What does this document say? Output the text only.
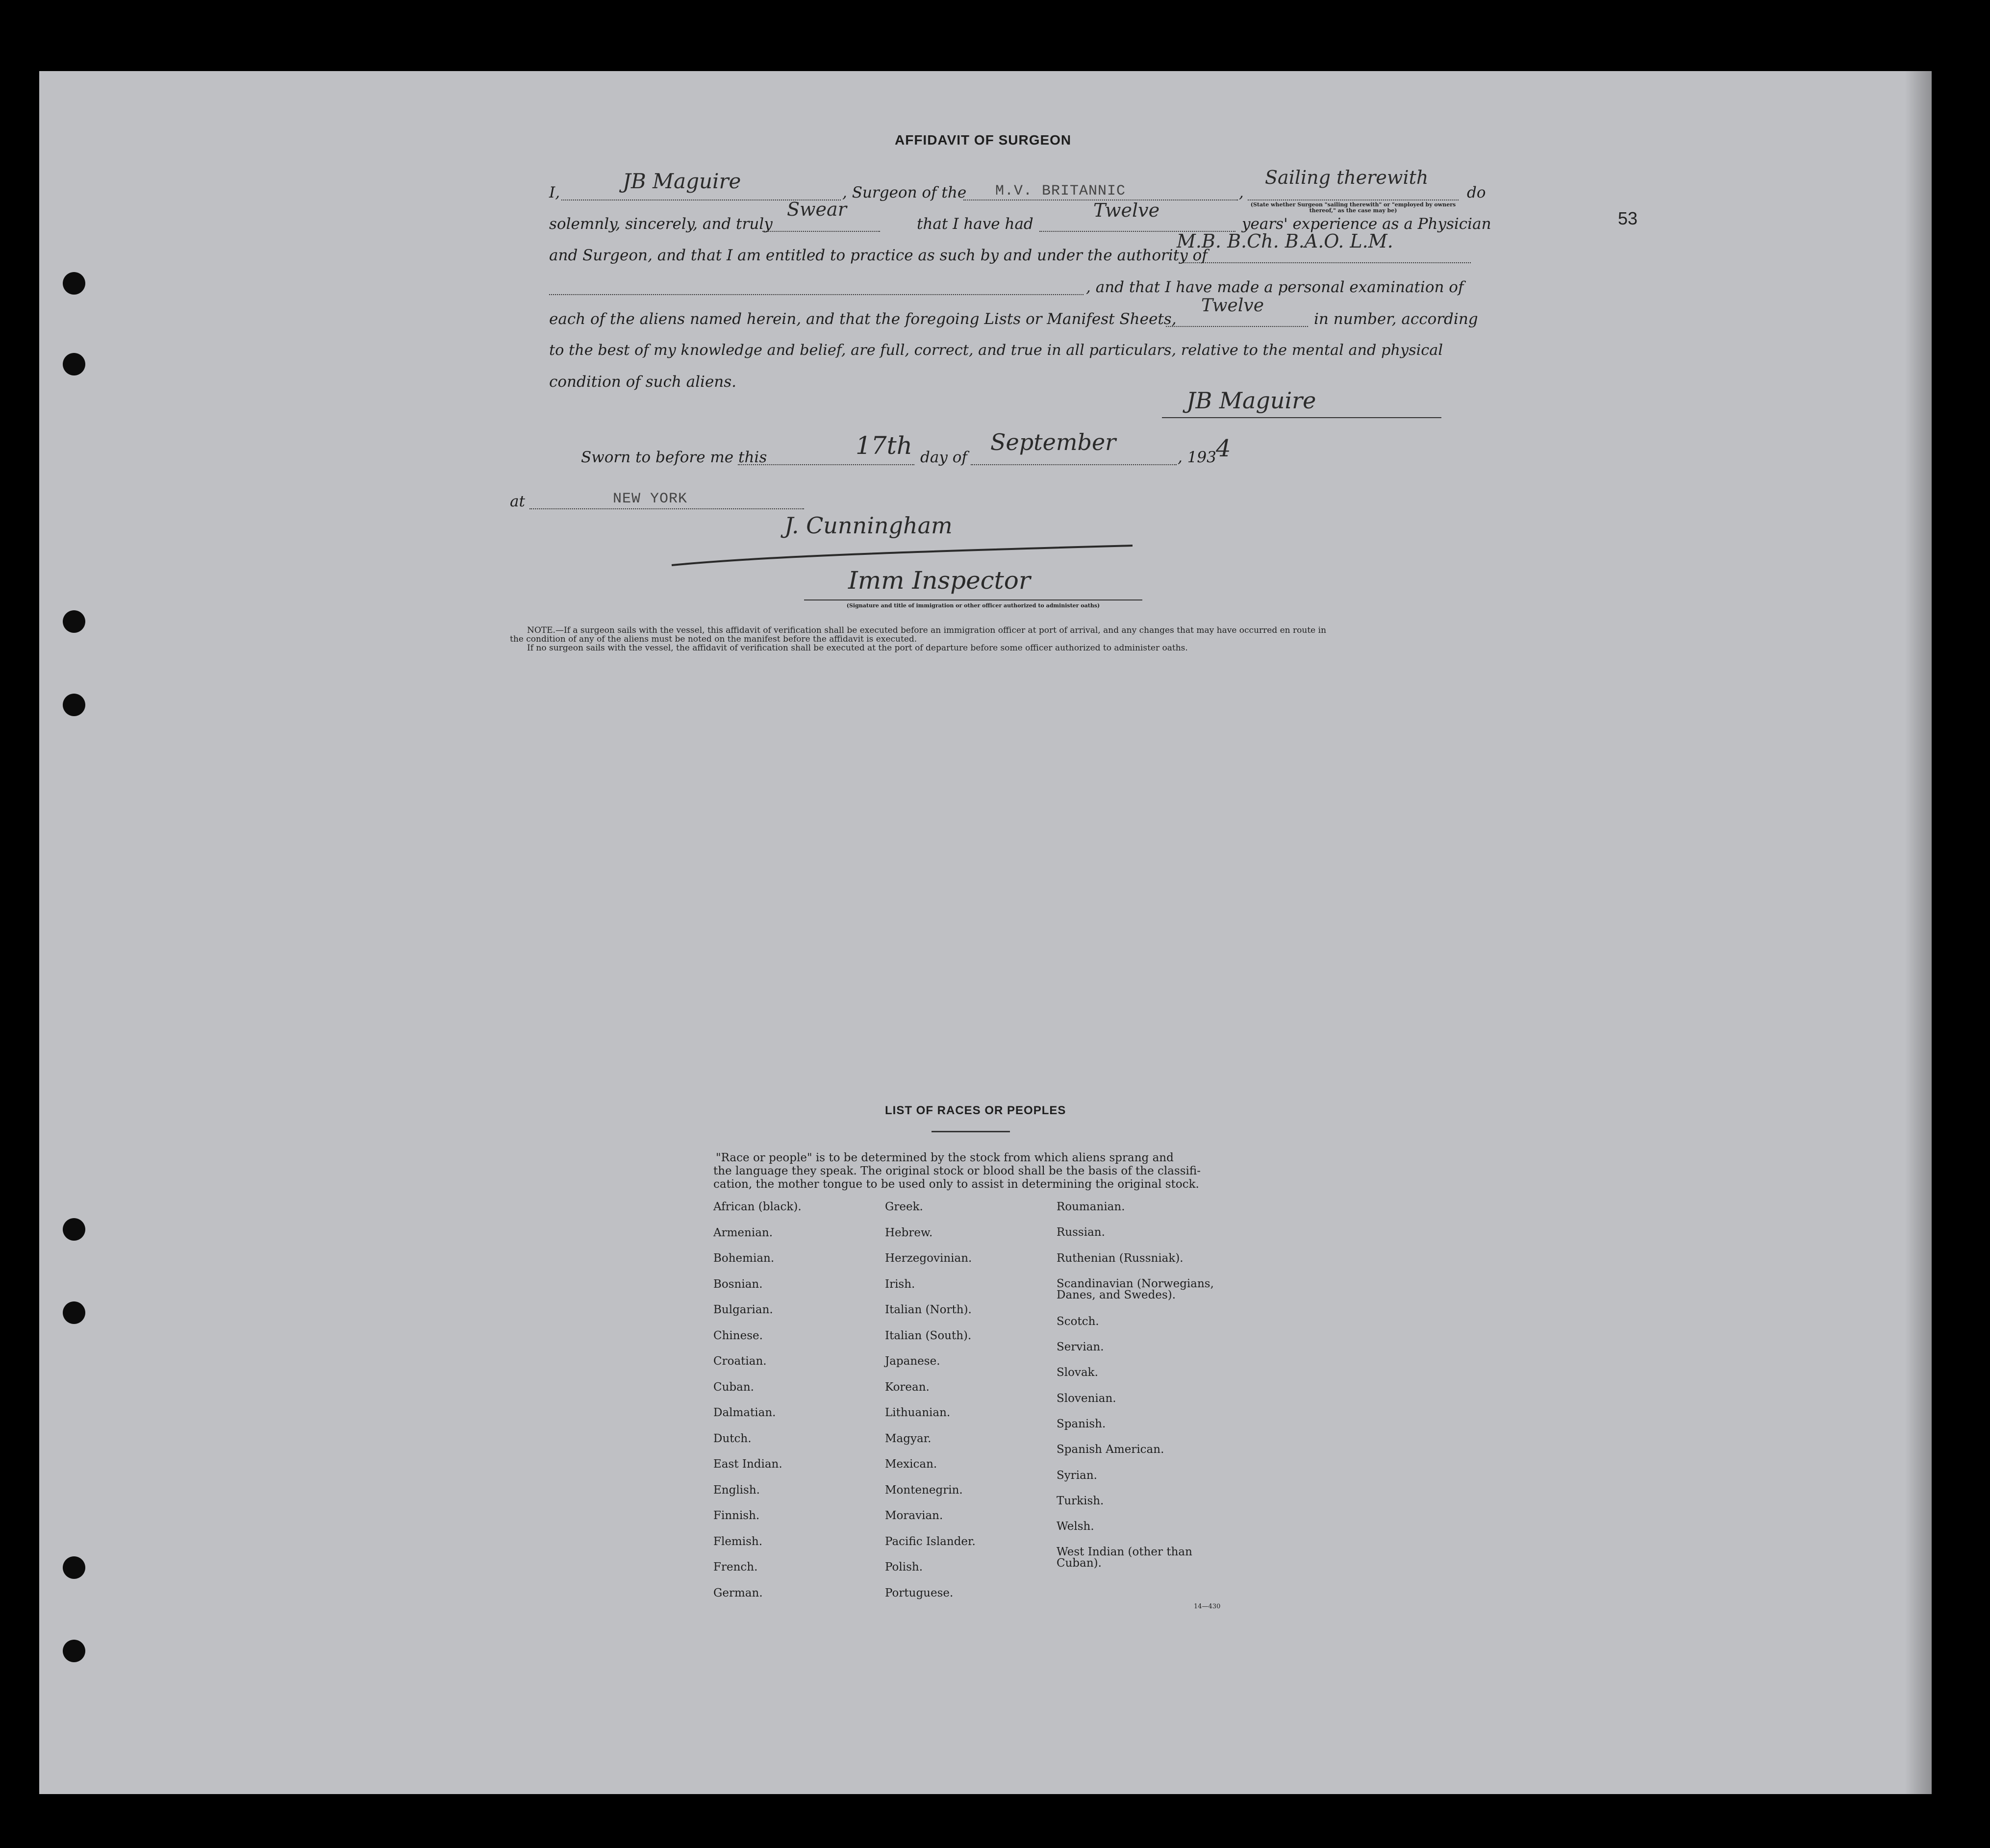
53
AFFIDAVIT OF SURGEON
I,	JB Maguire	, Surgeon of the M.V. BRITANNIC	,
Sailing therewith
(State whether Surgeon "sailing therewith" or "employed by owners thereof," as the case may be)
do
solemnly, sincerely, and truly
Swear
that I have had
Twelve
years' experience as a Physician
and Surgeon, and that I am entitled to practice as such by and under the authority of
M.B. B.Ch. B.A.O. L.M.
, and that I have made a personal examination of
each of the aliens named herein, and that the foregoing Lists or Manifest Sheets,
Twelve
in number, according
to the best of my knowledge and belief, are full, correct, and true in all particulars, relative to the mental and physical
condition of such aliens.
JB Maguire
Sworn to before me this	17th day of
September
, 193 4
at	NEW YORK
J. Cunningham
Imm Inspector
(Signature and title of immigration or other officer authorized to administer oaths)
NOTE.—If a surgeon sails with the vessel, this affidavit of verification shall be executed before an immigration officer at port of arrival, and any changes that may have occurred en route in
the condition of any of the aliens must be noted on the manifest before the affidavit is executed.
If no surgeon sails with the vessel, the affidavit of verification shall be executed at the port of departure before some officer authorized to administer oaths.
LIST OF RACES OR PEOPLES
"Race or people" is to be determined by the stock from which aliens sprang and
the language they speak. The original stock or blood shall be the basis of the classifi-
cation, the mother tongue to be used only to assist in determining the original stock.
African (black).
Armenian.
Bohemian.
Bosnian.
Bulgarian.
Chinese.
Croatian.
Cuban.
Dalmatian.
Dutch.
East Indian.
English.
Finnish.
Flemish.
French.
German.
Greek.
Hebrew.
Herzegovinian.
Irish.
Italian (North).
Italian (South).
Japanese.
Korean.
Lithuanian.
Magyar.
Mexican.
Montenegrin.
Moravian.
Pacific Islander.
Polish.
Portuguese.
Roumanian.
Russian.
Ruthenian (Russniak).
Scandinavian (Norwegians,
Danes, and Swedes).
Scotch.
Servian.
Slovak.
Slovenian.
Spanish.
Spanish American.
Syrian.
Turkish.
Welsh.
West Indian (other than
Cuban).
14—430
